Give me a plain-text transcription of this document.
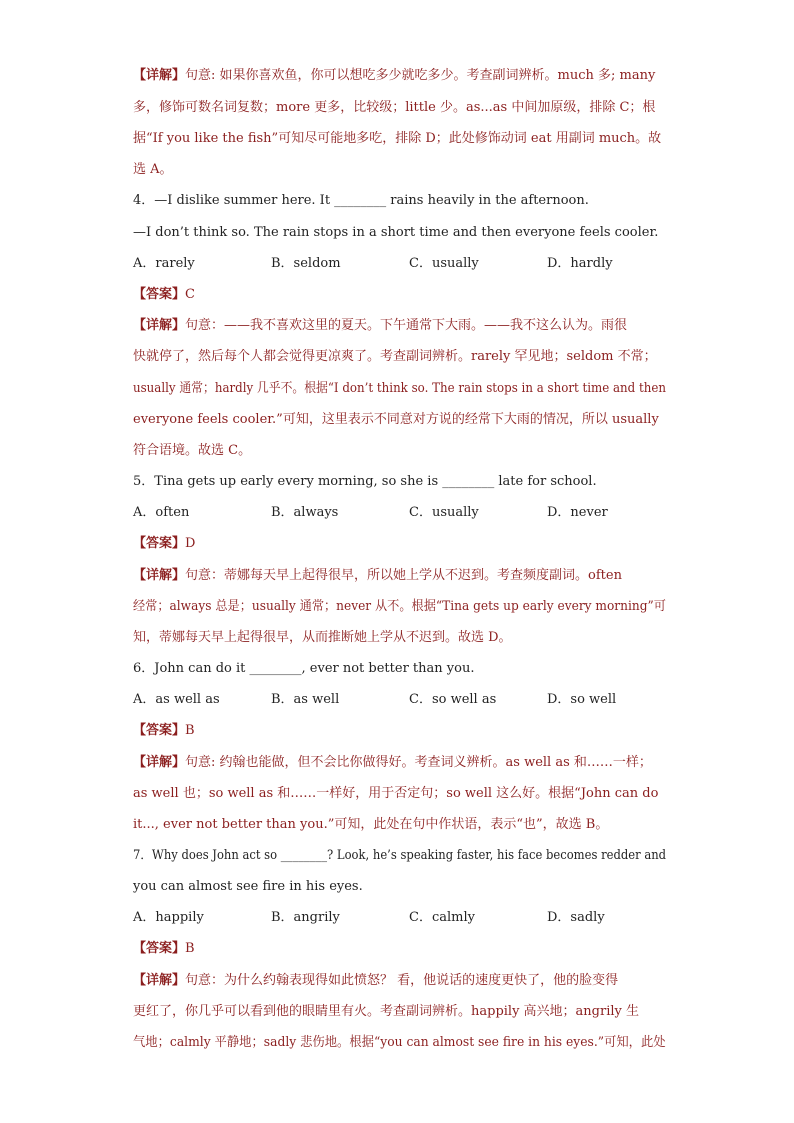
【详解】句意: 如果你喜欢鱼，你可以想吃多少就吃多少。考查副词辨析。much 多; many
多，修饰可数名词复数；more 更多，比较级；little 少。as...as 中间加原级，排除 C；根
据“If you like the fish”可知尽可能地多吃，排除 D；此处修饰动词 eat 用副词 much。故
选 A。
4．—I dislike summer here. It ________ rains heavily in the afternoon.
—I don’t think so. The rain stops in a short time and then everyone feels cooler.
A．rarely	B．seldom	C．usually	D．hardly
【答案】C
【详解】句意：——我不喜欢这里的夏天。下午通常下大雨。——我不这么认为。雨很
快就停了，然后每个人都会觉得更凉爽了。考查副词辨析。rarely 罕见地；seldom 不常；
usually 通常；hardly 几乎不。根据“I don’t think so. The rain stops in a short time and then
everyone feels cooler.”可知，这里表示不同意对方说的经常下大雨的情况，所以 usually
符合语境。故选 C。
5．Tina gets up early every morning, so she is ________ late for school.
A．often	B．always	C．usually	D．never
【答案】D
【详解】句意：蒂娜每天早上起得很早，所以她上学从不迟到。考查频度副词。often
经常；always 总是；usually 通常；never 从不。根据“Tina gets up early every morning”可
知，蒂娜每天早上起得很早，从而推断她上学从不迟到。故选 D。
6．John can do it ________, ever not better than you.
A．as well as	B．as well	C．so well as	D．so well
【答案】B
【详解】句意: 约翰也能做，但不会比你做得好。考查词义辨析。as well as 和……一样；
as well 也；so well as 和……一样好，用于否定句；so well 这么好。根据“John can do
it..., ever not better than you.”可知，此处在句中作状语，表示“也”，故选 B。
7．Why does John act so ________? Look, he’s speaking faster, his face becomes redder and
you can almost see fire in his eyes.
A．happily	B．angrily	C．calmly	D．sadly
【答案】B
【详解】句意：为什么约翰表现得如此愤怒？ 看，他说话的速度更快了，他的脸变得
更红了，你几乎可以看到他的眼睛里有火。考查副词辨析。happily 高兴地；angrily 生
气地；calmly 平静地；sadly 悲伤地。根据“you can almost see fire in his eyes.”可知，此处
